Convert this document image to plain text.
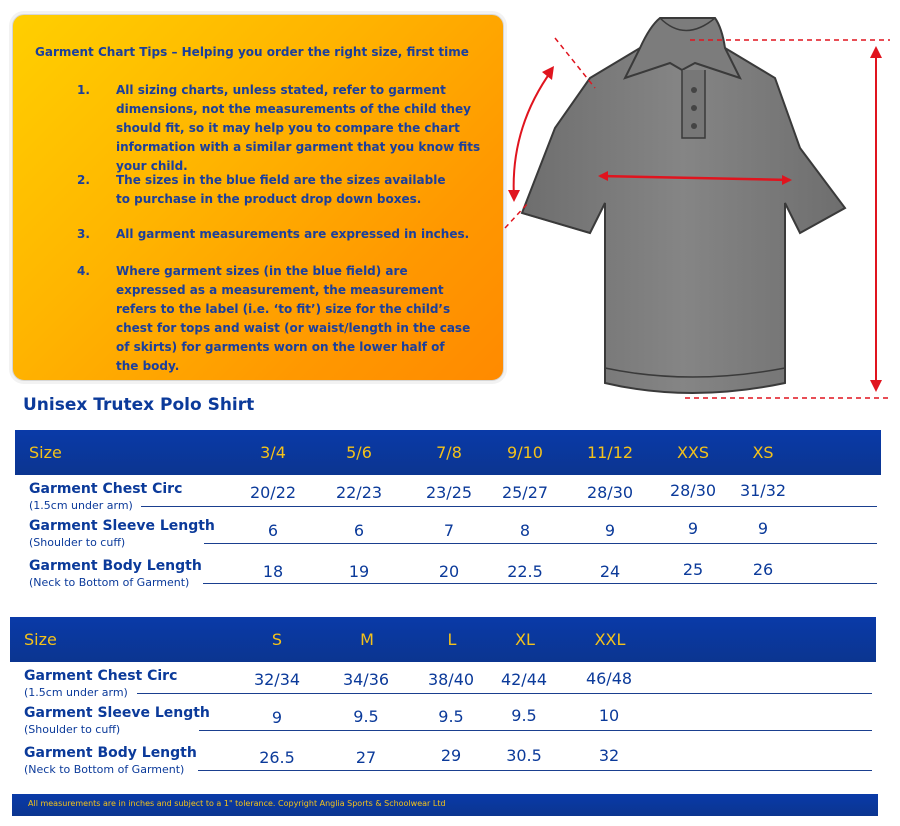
Garment Chart Tips – Helping you order the right size, first time
1. All sizing charts, unless stated, refer to garment dimensions, not the measurements of the child they should fit, so it may help you to compare the chart information with a similar garment that you know fits your child.
2. The sizes in the blue field are the sizes available to purchase in the product drop down boxes.
3. All garment measurements are expressed in inches.
4. Where garment sizes (in the blue field) are expressed as a measurement, the measurement refers to the label (i.e. ‘to fit’) size for the child’s chest for tops and waist (or waist/length in the case of skirts) for garments worn on the lower half of the body.
Unisex Trutex Polo Shirt
Size	3/4	5/6	7/8	9/10	11/12	XXS	XS
Garment Chest Circ
(1.5cm under arm)
20/22 22/23	23/25 25/27 28/30 28/30 31/32
Garment Sleeve Length
(Shoulder to cuff)
6	6	7	8	9	9	9
Garment Body Length
(Neck to Bottom of Garment)
18	19	20	22.5	24	25	26
Size	S	M	L	XL	XXL
Garment Chest Circ
(1.5cm under arm)
32/34	34/36 38/40 42/44 46/48
Garment Sleeve Length
(Shoulder to cuff)
9	9.5	9.5	9.5	10
Garment Body Length
(Neck to Bottom of Garment)
26.5	27	29	30.5	32
All measurements are in inches and subject to a 1" tolerance. Copyright Anglia Sports & Schoolwear Ltd
